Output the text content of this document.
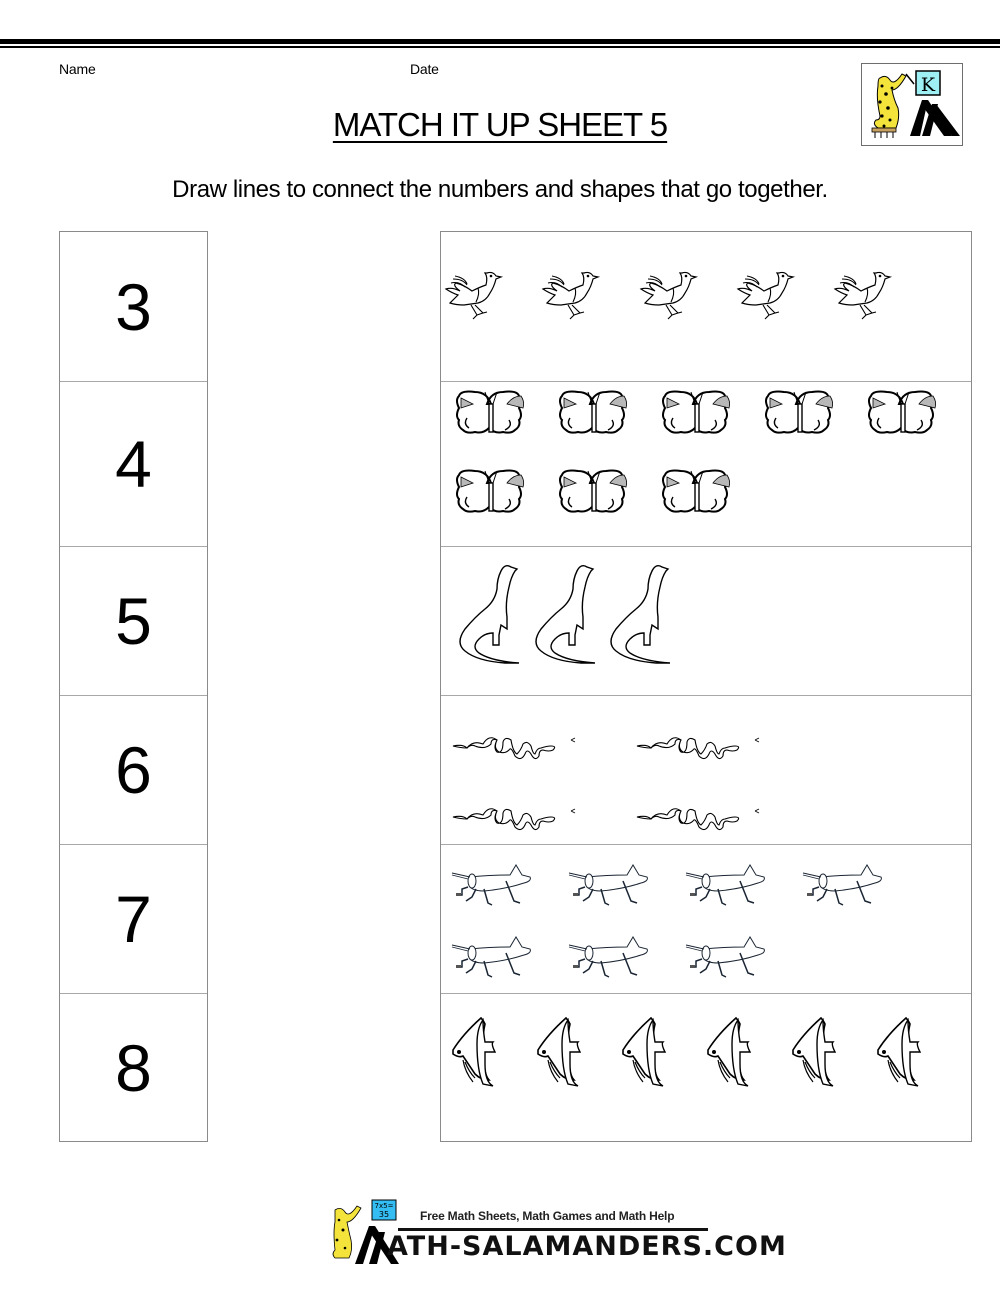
Name	Date
MATCH IT UP SHEET 5
Draw lines to connect the numbers and shapes that go together.
K
3
4
5
6
7
8
7x5=
35	Free Math Sheets, Math Games and Math Help
ATH-SALAMANDERS.COM
